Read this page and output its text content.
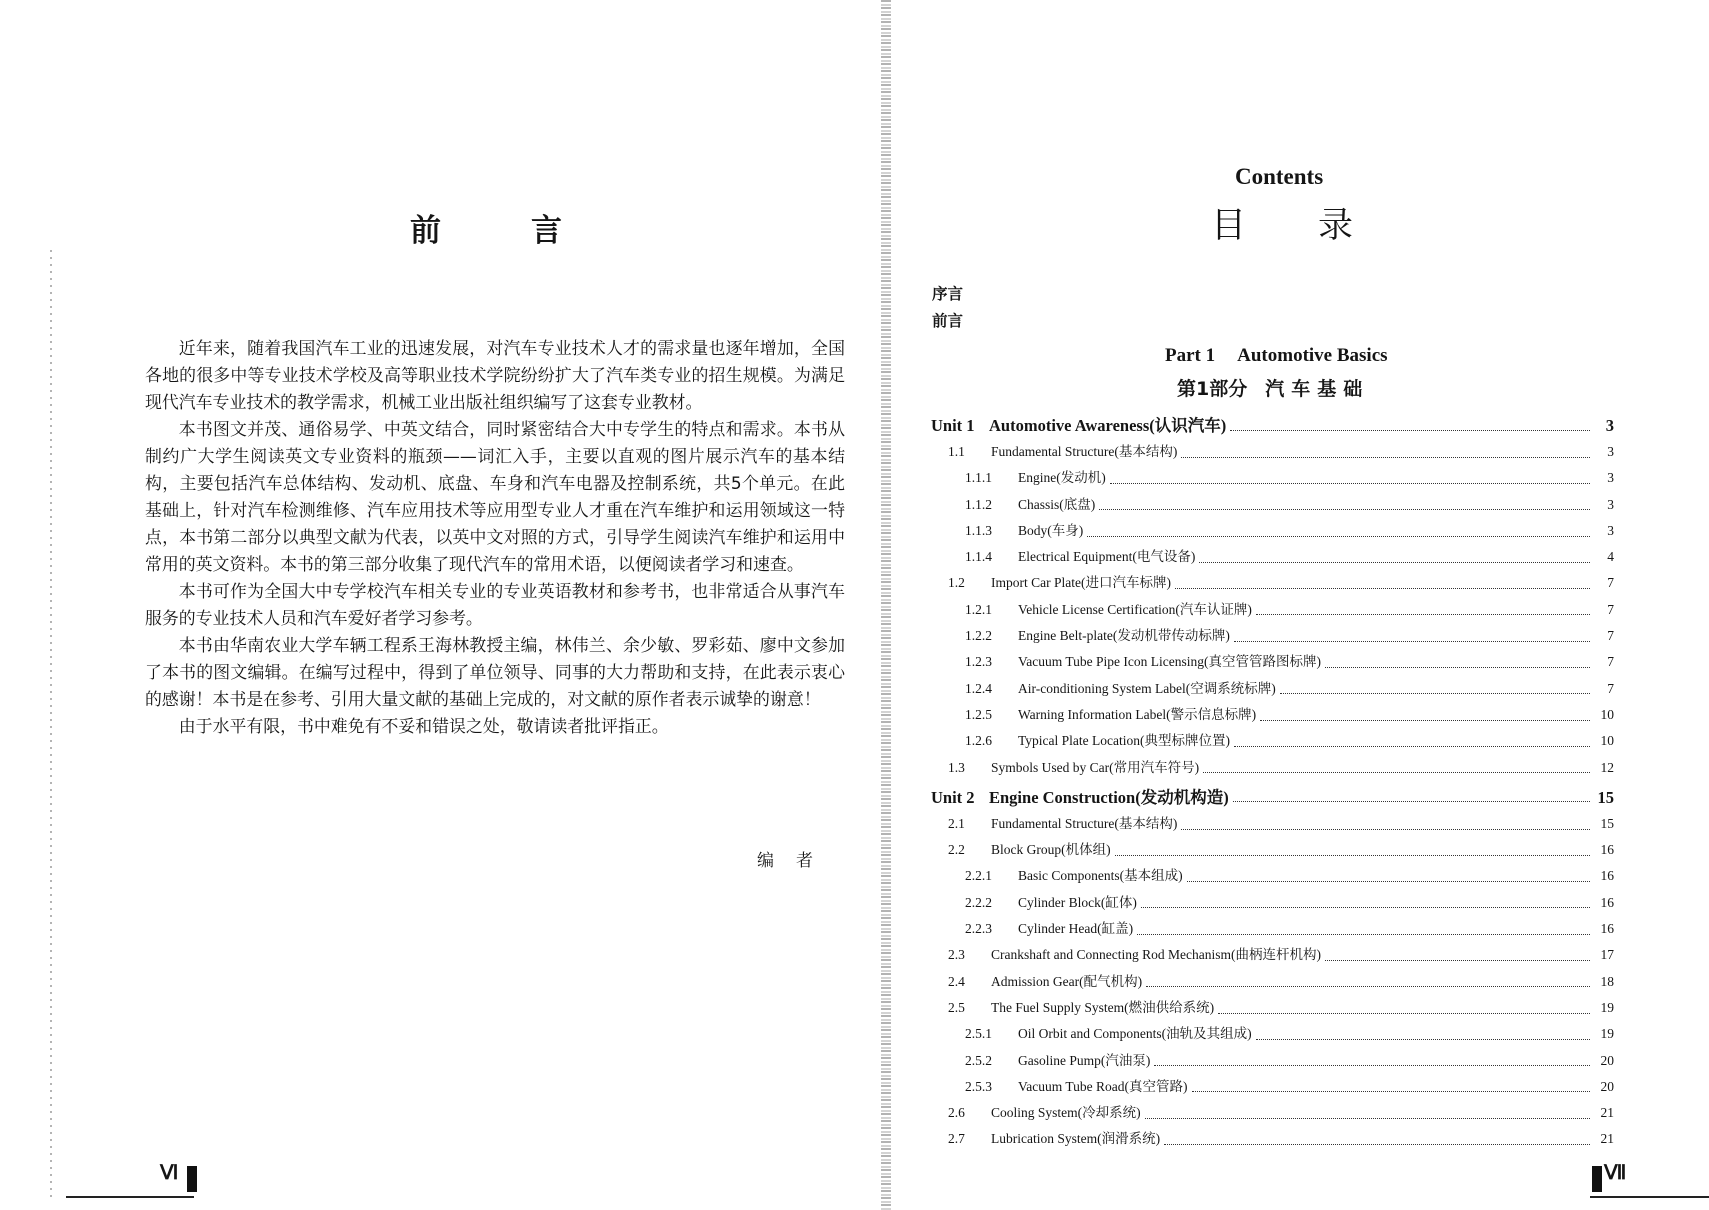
前言

近年来，随着我国汽车工业的迅速发展，对汽车专业技术人才的需求量也逐年增加，全国各地的很多中等专业技术学校及高等职业技术学院纷纷扩大了汽车类专业的招生规模。为满足现代汽车专业技术的教学需求，机械工业出版社组织编写了这套专业教材。

本书图文并茂、通俗易学、中英文结合，同时紧密结合大中专学生的特点和需求。本书从制约广大学生阅读英文专业资料的瓶颈——词汇入手，主要以直观的图片展示汽车的基本结构，主要包括汽车总体结构、发动机、底盘、车身和汽车电器及控制系统，共5个单元。在此基础上，针对汽车检测维修、汽车应用技术等应用型专业人才重在汽车维护和运用领域这一特点，本书第二部分以典型文献为代表，以英中文对照的方式，引导学生阅读汽车维护和运用中常用的英文资料。本书的第三部分收集了现代汽车的常用术语，以便阅读者学习和速查。

本书可作为全国大中专学校汽车相关专业的专业英语教材和参考书，也非常适合从事汽车服务的专业技术人员和汽车爱好者学习参考。

本书由华南农业大学车辆工程系王海林教授主编，林伟兰、余少敏、罗彩茹、廖中文参加了本书的图文编辑。在编写过程中，得到了单位领导、同事的大力帮助和支持，在此表示衷心的感谢！本书是在参考、引用大量文献的基础上完成的，对文献的原作者表示诚挚的谢意！

由于水平有限，书中难免有不妥和错误之处，敬请读者批评指正。

编者
Ⅵ
Contents
目录
序言
前言
Part 1 Automotive Basics
第1部分 汽车基础
Unit 1 Automotive Awareness(认识汽车)	3
1.1	Fundamental Structure(基本结构)	3
1.1.1	Engine(发动机)	3
1.1.2	Chassis(底盘)	3
1.1.3	Body(车身)	3
1.1.4	Electrical Equipment(电气设备)	4
1.2	Import Car Plate(进口汽车标牌)	7
1.2.1	Vehicle License Certification(汽车认证牌)	7
1.2.2	Engine Belt-plate(发动机带传动标牌)	7
1.2.3	Vacuum Tube Pipe Icon Licensing(真空管管路图标牌)	7
1.2.4	Air-conditioning System Label(空调系统标牌)	7
1.2.5	Warning Information Label(警示信息标牌)	10
1.2.6	Typical Plate Location(典型标牌位置)	10
1.3	Symbols Used by Car(常用汽车符号)	12
Unit 2 Engine Construction(发动机构造)	15
2.1	Fundamental Structure(基本结构)	15
2.2	Block Group(机体组)	16
2.2.1	Basic Components(基本组成)	16
2.2.2	Cylinder Block(缸体)	16
2.2.3	Cylinder Head(缸盖)	16
2.3	Crankshaft and Connecting Rod Mechanism(曲柄连杆机构)	17
2.4	Admission Gear(配气机构)	18
2.5	The Fuel Supply System(燃油供给系统)	19
2.5.1	Oil Orbit and Components(油轨及其组成)	19
2.5.2	Gasoline Pump(汽油泵)	20
2.5.3	Vacuum Tube Road(真空管路)	20
2.6	Cooling System(冷却系统)	21
2.7	Lubrication System(润滑系统)	21
Ⅶ
